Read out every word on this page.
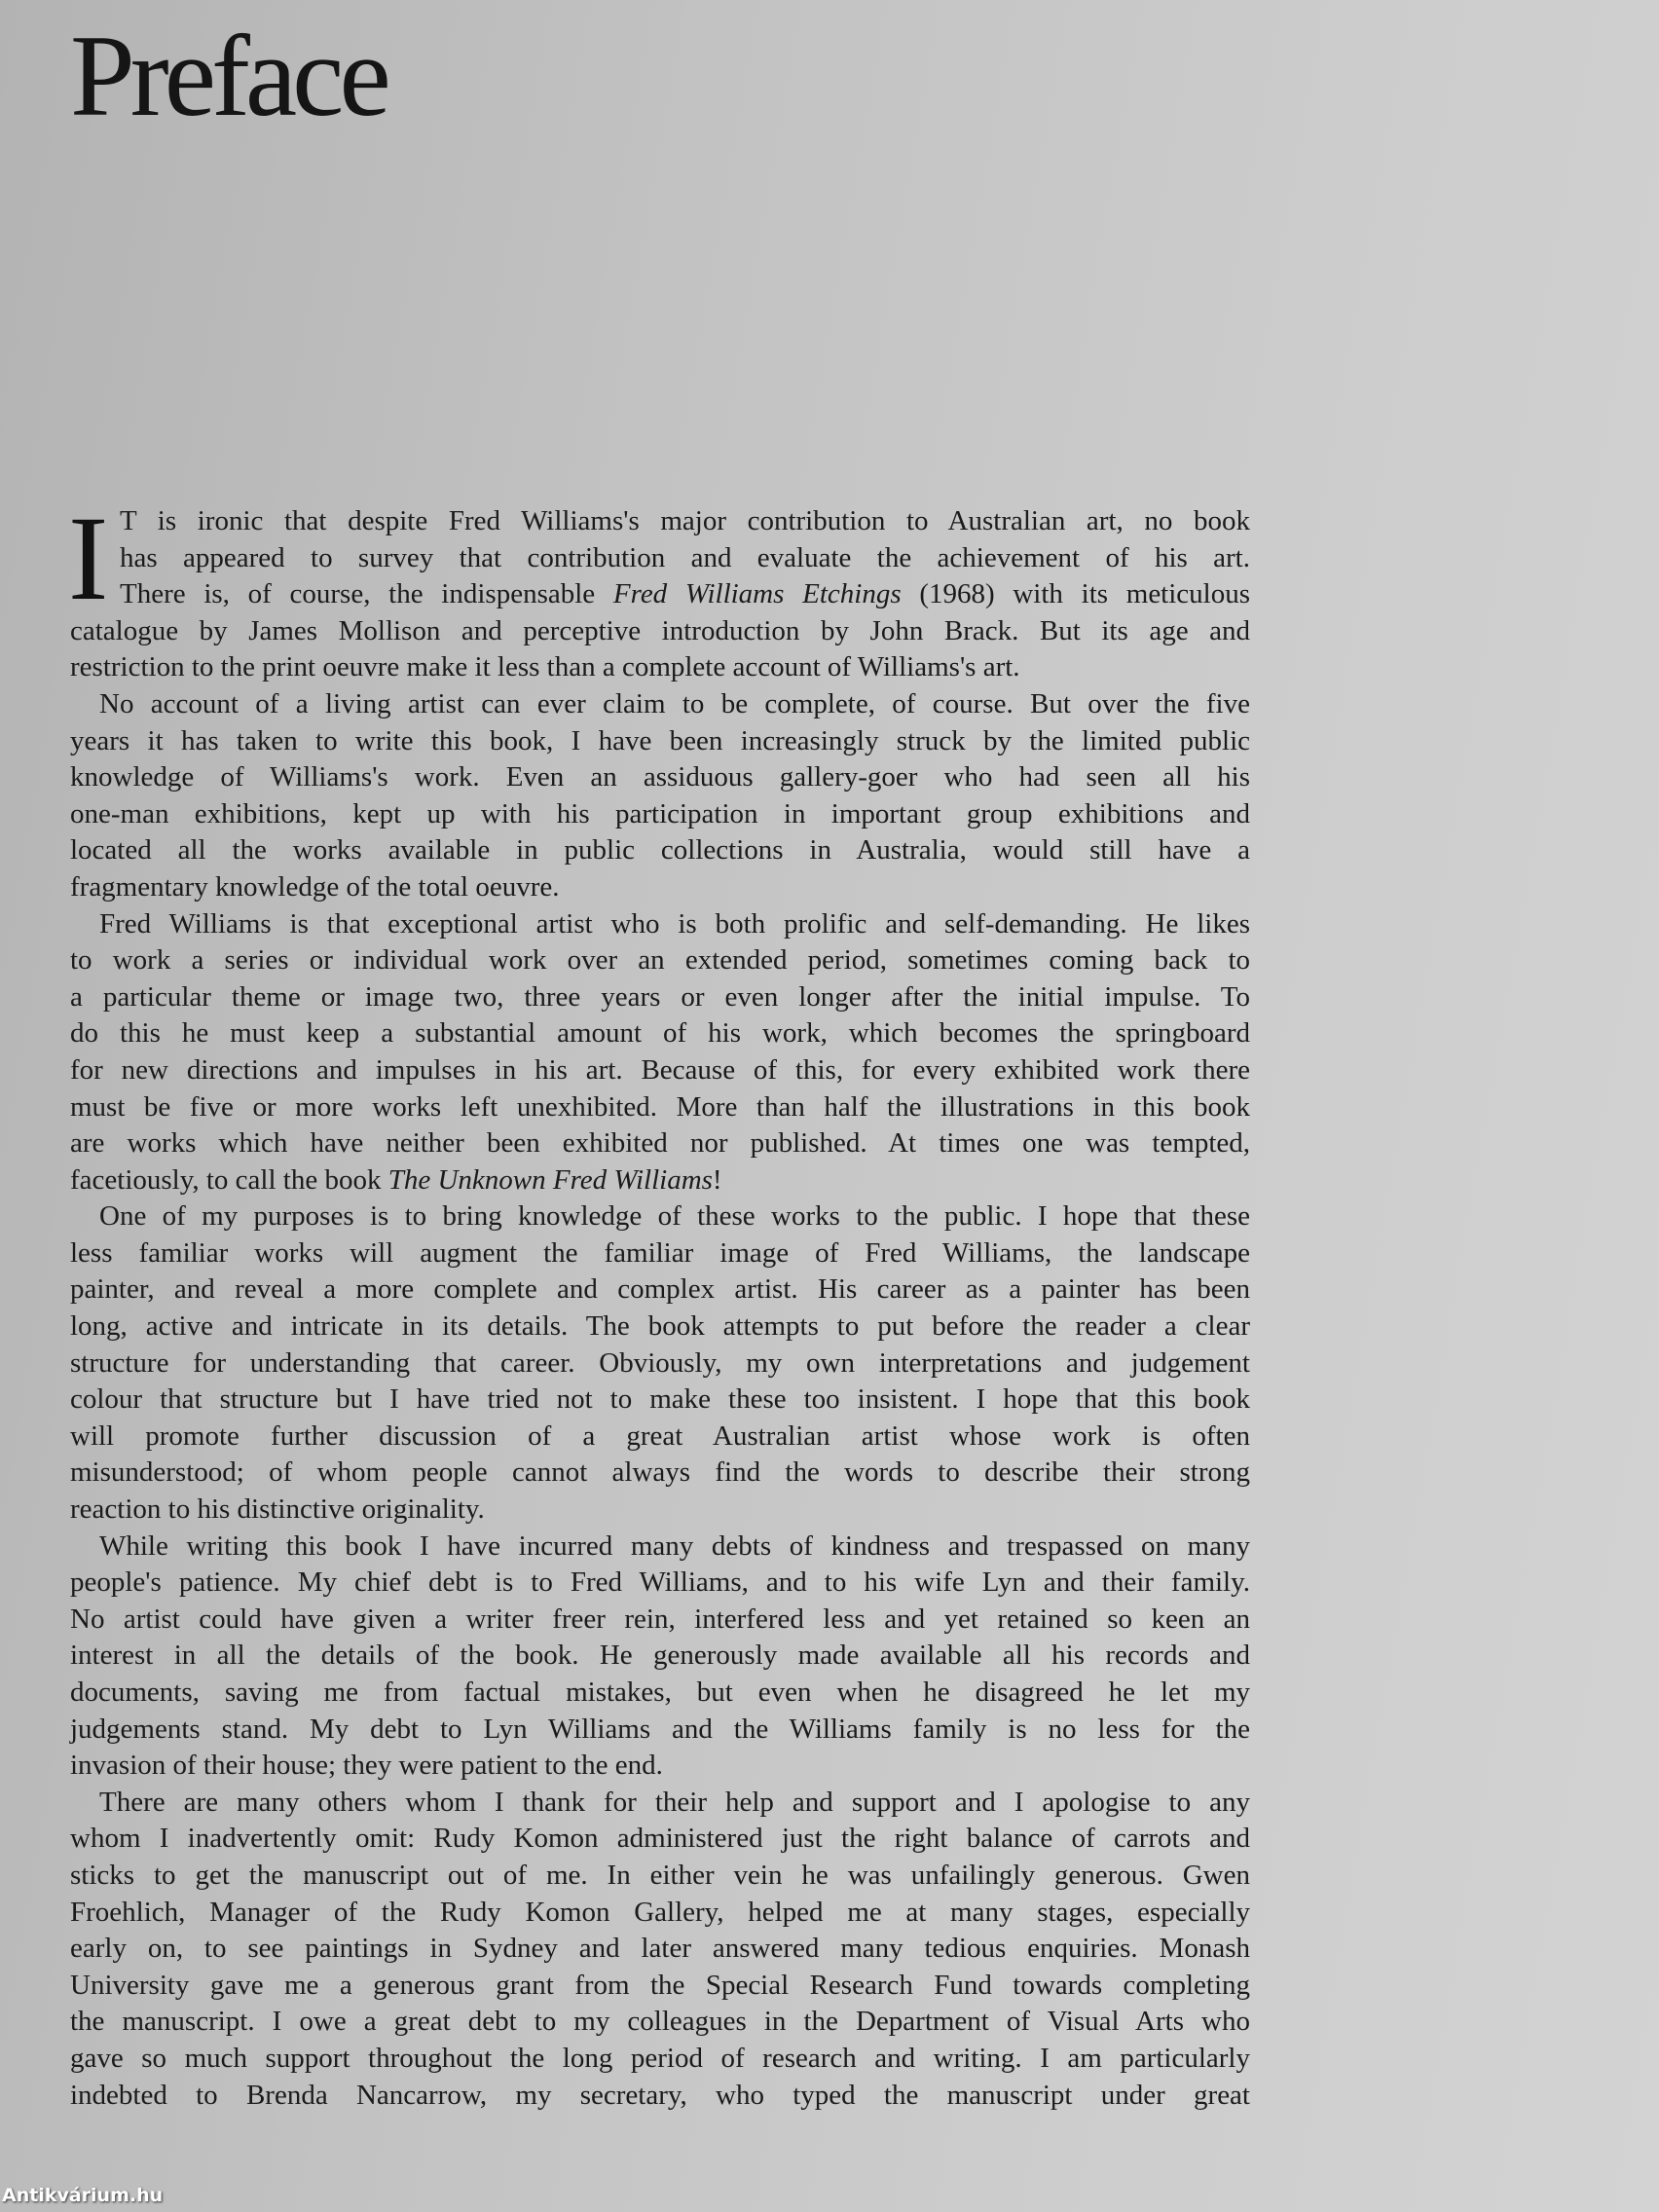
Preface
I T is ironic that despite Fred Williams's major contribution to Australian art, no book
has appeared to survey that contribution and evaluate the achievement of his art.
There is, of course, the indispensable Fred Williams Etchings (1968) with its meticulous
catalogue by James Mollison and perceptive introduction by John Brack. But its age and
restriction to the print oeuvre make it less than a complete account of Williams's art.
No account of a living artist can ever claim to be complete, of course. But over the five
years it has taken to write this book, I have been increasingly struck by the limited public
knowledge of Williams's work. Even an assiduous gallery-goer who had seen all his
one-man exhibitions, kept up with his participation in important group exhibitions and
located all the works available in public collections in Australia, would still have a
fragmentary knowledge of the total oeuvre.
Fred Williams is that exceptional artist who is both prolific and self-demanding. He likes
to work a series or individual work over an extended period, sometimes coming back to
a particular theme or image two, three years or even longer after the initial impulse. To
do this he must keep a substantial amount of his work, which becomes the springboard
for new directions and impulses in his art. Because of this, for every exhibited work there
must be five or more works left unexhibited. More than half the illustrations in this book
are works which have neither been exhibited nor published. At times one was tempted,
facetiously, to call the book The Unknown Fred Williams!
One of my purposes is to bring knowledge of these works to the public. I hope that these
less familiar works will augment the familiar image of Fred Williams, the landscape
painter, and reveal a more complete and complex artist. His career as a painter has been
long, active and intricate in its details. The book attempts to put before the reader a clear
structure for understanding that career. Obviously, my own interpretations and judgement
colour that structure but I have tried not to make these too insistent. I hope that this book
will promote further discussion of a great Australian artist whose work is often
misunderstood; of whom people cannot always find the words to describe their strong
reaction to his distinctive originality.
While writing this book I have incurred many debts of kindness and trespassed on many
people's patience. My chief debt is to Fred Williams, and to his wife Lyn and their family.
No artist could have given a writer freer rein, interfered less and yet retained so keen an
interest in all the details of the book. He generously made available all his records and
documents, saving me from factual mistakes, but even when he disagreed he let my
judgements stand. My debt to Lyn Williams and the Williams family is no less for the
invasion of their house; they were patient to the end.
There are many others whom I thank for their help and support and I apologise to any
whom I inadvertently omit: Rudy Komon administered just the right balance of carrots and
sticks to get the manuscript out of me. In either vein he was unfailingly generous. Gwen
Froehlich, Manager of the Rudy Komon Gallery, helped me at many stages, especially
early on, to see paintings in Sydney and later answered many tedious enquiries. Monash
University gave me a generous grant from the Special Research Fund towards completing
the manuscript. I owe a great debt to my colleagues in the Department of Visual Arts who
gave so much support throughout the long period of research and writing. I am particularly
indebted to Brenda Nancarrow, my secretary, who typed the manuscript under great
Antikvárium.hu
